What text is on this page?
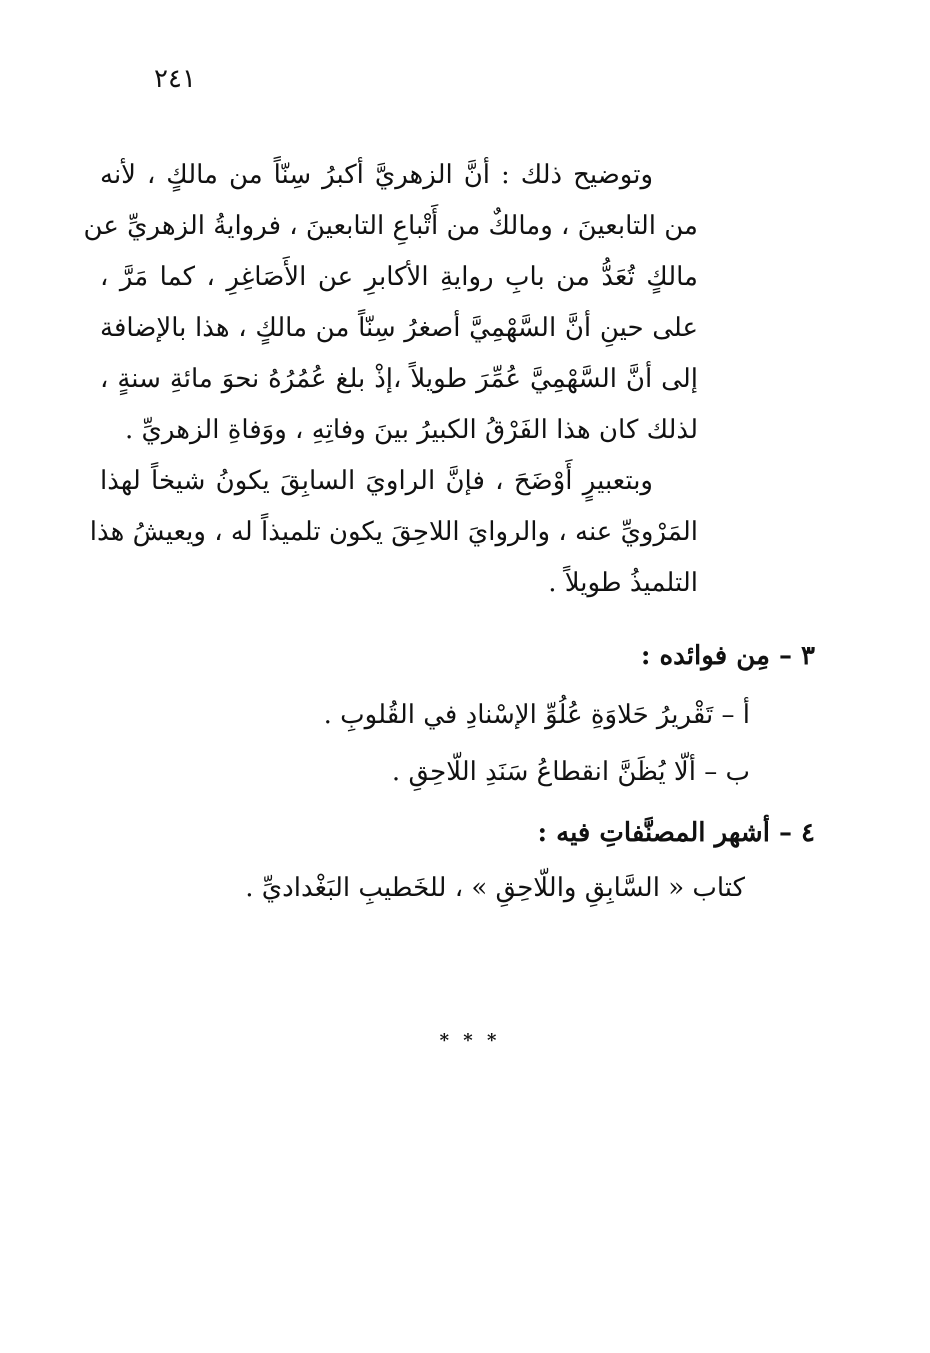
٢٤١
وتوضيح ذلك : أنَّ الزهريَّ أكبرُ سِنّاً من مالكٍ ، لأنه
من التابعينَ ، ومالكٌ من أَتْباعِ التابعينَ ، فروايةُ الزهريِّ عن
مالكٍ تُعَدُّ من بابِ روايةِ الأكابرِ عن الأَصَاغِرِ ، كما مَرَّ ،
على حينِ أنَّ السَّهْمِيَّ أصغرُ سِنّاً من مالكٍ ، هذا بالإضافة
إلى أنَّ السَّهْمِيَّ عُمِّرَ طويلاً ،إذْ بلغ عُمُرُهُ نحوَ مائةِ سنةٍ ،
لذلك كان هذا الفَرْقُ الكبيرُ بينَ وفاتِهِ ، ووَفاةِ الزهريِّ .
وبتعبيرٍ أَوْضَحَ ، فإنَّ الراويَ السابِقَ يكونُ شيخاً لهذا
المَرْويِّ عنه ، والروايَ اللاحِقَ يكون تلميذاً له ، ويعيشُ هذا
التلميذُ طويلاً .
٣ – مِن فوائده :
أ – تَقْريرُ حَلاوَةِ عُلُوِّ الإسْنادِ في القُلوبِ .
ب – ألّا يُظَنَّ انقطاعُ سَنَدِ اللّاحِقِ .
٤ – أشهر المصنَّفاتِ فيه :
كتاب « السَّابِقِ واللّاحِقِ » ، للخَطيبِ البَغْداديِّ .
* * *
